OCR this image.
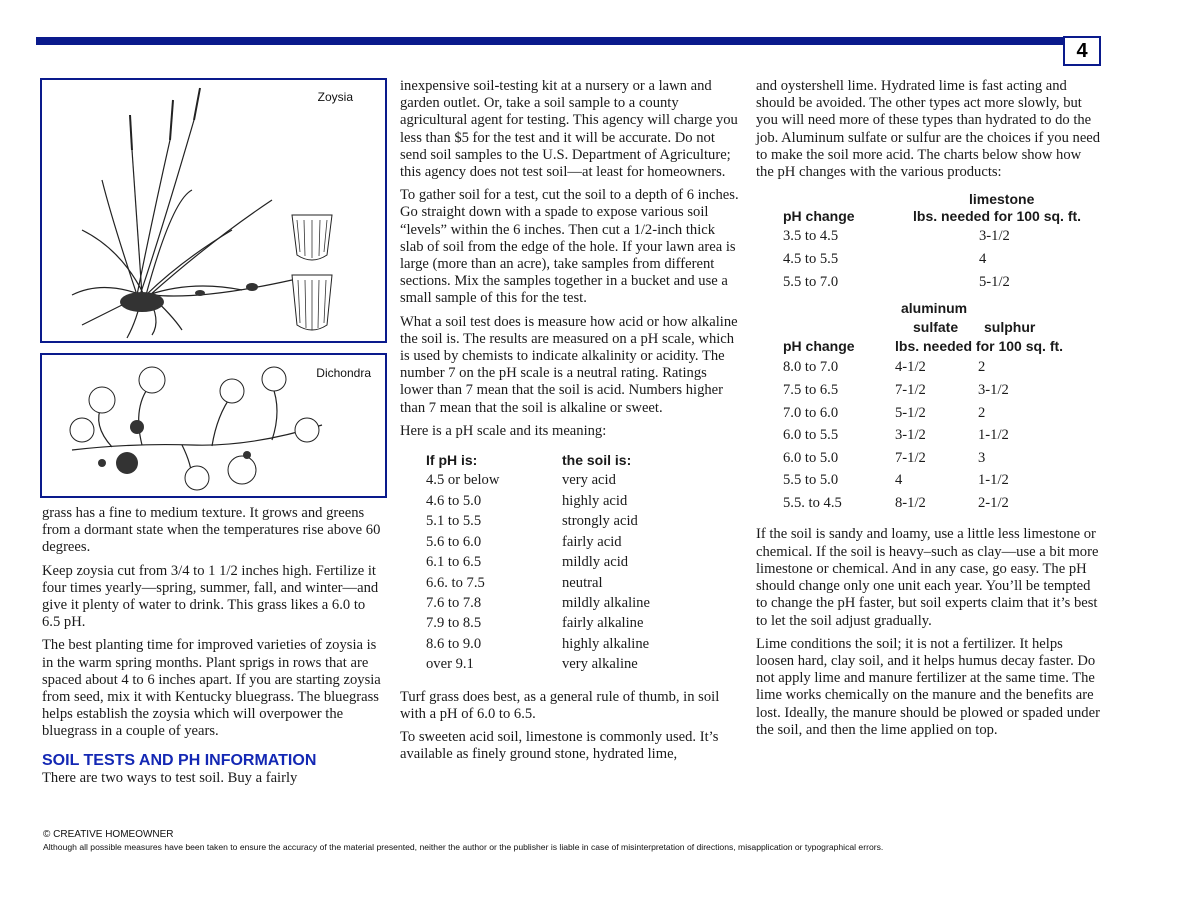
4
Zoysia
Dichondra

grass has a fine to medium texture. It grows and greens from a dormant state when the temperatures rise above 60 degrees.

Keep zoysia cut from 3/4 to 1 1/2 inches high. Fertilize it four times yearly—spring, summer, fall, and winter—and give it plenty of water to drink. This grass likes a 6.0 to 6.5 pH.

The best planting time for improved varieties of zoysia is in the warm spring months. Plant sprigs in rows that are spaced about 4 to 6 inches apart. If you are starting zoysia from seed, mix it with Kentucky bluegrass. The bluegrass helps establish the zoysia which will overpower the bluegrass in a couple of years.

SOIL TESTS AND PH INFORMATION

There are two ways to test soil. Buy a fairly

inexpensive soil-testing kit at a nursery or a lawn and garden outlet. Or, take a soil sample to a county agricultural agent for testing. This agency will charge you less than $5 for the test and it will be accurate. Do not send soil samples to the U.S. Department of Agriculture; this agency does not test soil—at least for homeowners.

To gather soil for a test, cut the soil to a depth of 6 inches. Go straight down with a spade to expose various soil “levels” within the 6 inches. Then cut a 1/2-inch thick slab of soil from the edge of the hole. If your lawn area is large (more than an acre), take samples from different sections. Mix the samples together in a bucket and use a small sample of this for the test.

What a soil test does is measure how acid or how alkaline the soil is. The results are measured on a pH scale, which is used by chemists to indicate alkalinity or acidity. The number 7 on the pH scale is a neutral rating. Ratings lower than 7 mean that the soil is acid. Numbers higher than 7 mean that the soil is alkaline or sweet.

Here is a pH scale and its meaning:

If pH is:	the soil is:
4.5 or below	very acid
4.6 to 5.0	highly acid
5.1 to 5.5	strongly acid
5.6 to 6.0	fairly acid
6.1 to 6.5	mildly acid
6.6. to 7.5	neutral
7.6 to 7.8	mildly alkaline
7.9 to 8.5	fairly alkaline
8.6 to 9.0	highly alkaline
over 9.1	very alkaline

Turf grass does best, as a general rule of thumb, in soil with a pH of 6.0 to 6.5.

To sweeten acid soil, limestone is commonly used. It’s available as finely ground stone, hydrated lime,

and oystershell lime. Hydrated lime is fast acting and should be avoided. The other types act more slowly, but you will need more of these types than hydrated to do the job. Aluminum sulfate or sulfur are the choices if you need to make the soil more acid. The charts below show how the pH changes with the various products:

	limestone
pH change	lbs. needed for 100 sq. ft.
3.5 to 4.5	3-1/2
4.5 to 5.5	4
5.5 to 7.0	5-1/2
	aluminum	
	sulfate	sulphur
pH change	lbs. needed for 100 sq. ft.	
8.0 to 7.0	4-1/2	2
7.5 to 6.5	7-1/2	3-1/2
7.0 to 6.0	5-1/2	2
6.0 to 5.5	3-1/2	1-1/2
6.0 to 5.0	7-1/2	3
5.5 to 5.0	4	1-1/2
5.5. to 4.5	8-1/2	2-1/2

If the soil is sandy and loamy, use a little less limestone or chemical. If the soil is heavy–such as clay—use a bit more limestone or chemical. And in any case, go easy. The pH should change only one unit each year. You’ll be tempted to change the pH faster, but soil experts claim that it’s best to let the soil adjust gradually.

Lime conditions the soil; it is not a fertilizer. It helps loosen hard, clay soil, and it helps humus decay faster. Do not apply lime and manure fertilizer at the same time. The lime works chemically on the manure and the benefits are lost. Ideally, the manure should be plowed or spaded under the soil, and then the lime applied on top.

© CREATIVE HOMEOWNER
Although all possible measures have been taken to ensure the accuracy of the material presented, neither the author or the publisher is liable in case of misinterpretation of directions, misapplication or typographical errors.
